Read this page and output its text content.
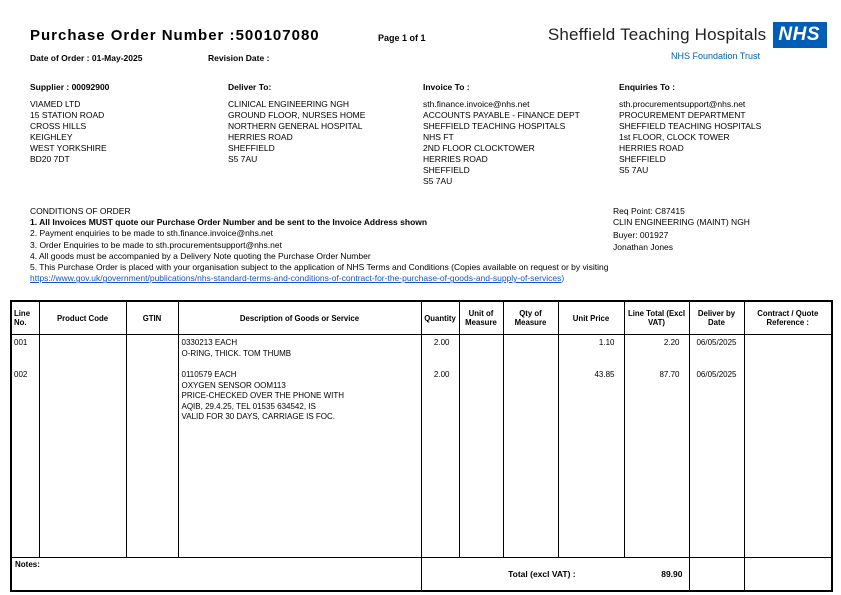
Purchase Order Number :500107080	Page 1 of 1
Date of Order : 01-May-2025	Revision Date :
Sheffield Teaching Hospitals NHS
NHS Foundation Trust
Supplier : 00092900
VIAMED LTD
15 STATION ROAD
CROSS HILLS
KEIGHLEY
WEST YORKSHIRE
BD20 7DT
Deliver To:
CLINICAL ENGINEERING NGH
GROUND FLOOR, NURSES HOME
NORTHERN GENERAL HOSPITAL
HERRIES ROAD
SHEFFIELD
S5 7AU
Invoice To :
sth.finance.invoice@nhs.net
ACCOUNTS PAYABLE - FINANCE DEPT
SHEFFIELD TEACHING HOSPITALS
NHS FT
2ND FLOOR CLOCKTOWER
HERRIES ROAD
SHEFFIELD
S5 7AU
Enquiries To :
sth.procurementsupport@nhs.net
PROCUREMENT DEPARTMENT
SHEFFIELD TEACHING HOSPITALS
1st FLOOR, CLOCK TOWER
HERRIES ROAD
SHEFFIELD
S5 7AU
CONDITIONS OF ORDER
1. All Invoices MUST quote our Purchase Order Number and be sent to the Invoice Address shown
2. Payment enquiries to be made to sth.finance.invoice@nhs.net
3. Order Enquiries to be made to sth.procurementsupport@nhs.net
4. All goods must be accompanied by a Delivery Note quoting the Purchase Order Number
5. This Purchase Order is placed with your organisation subject to the application of NHS Terms and Conditions (Copies available on request or by visiting
https://www.gov.uk/government/publications/nhs-standard-terms-and-conditions-of-contract-for-the-purchase-of-goods-and-supply-of-services)
Req Point: C87415
CLIN ENGINEERING (MAINT) NGH
Buyer: 001927
Jonathan Jones
Line No.	Product Code	GTIN	Description of Goods or Service	Quantity	Unit of Measure	Qty of Measure	Unit Price	Line Total (Excl VAT)	Deliver by Date	Contract / Quote Reference :
001			0330213 EACH
O-RING, THICK. TOM THUMB	2.00			1.10	2.20	06/05/2025	
002			0110579 EACH
OXYGEN SENSOR OOM113
PRICE-CHECKED OVER THE PHONE WITH
AQIB, 29.4.25, TEL 01535 634542, IS
VALID FOR 30 DAYS, CARRIAGE IS FOC.	2.00			43.85	87.70	06/05/2025	

Notes:				Total (excl VAT) : 89.90						
